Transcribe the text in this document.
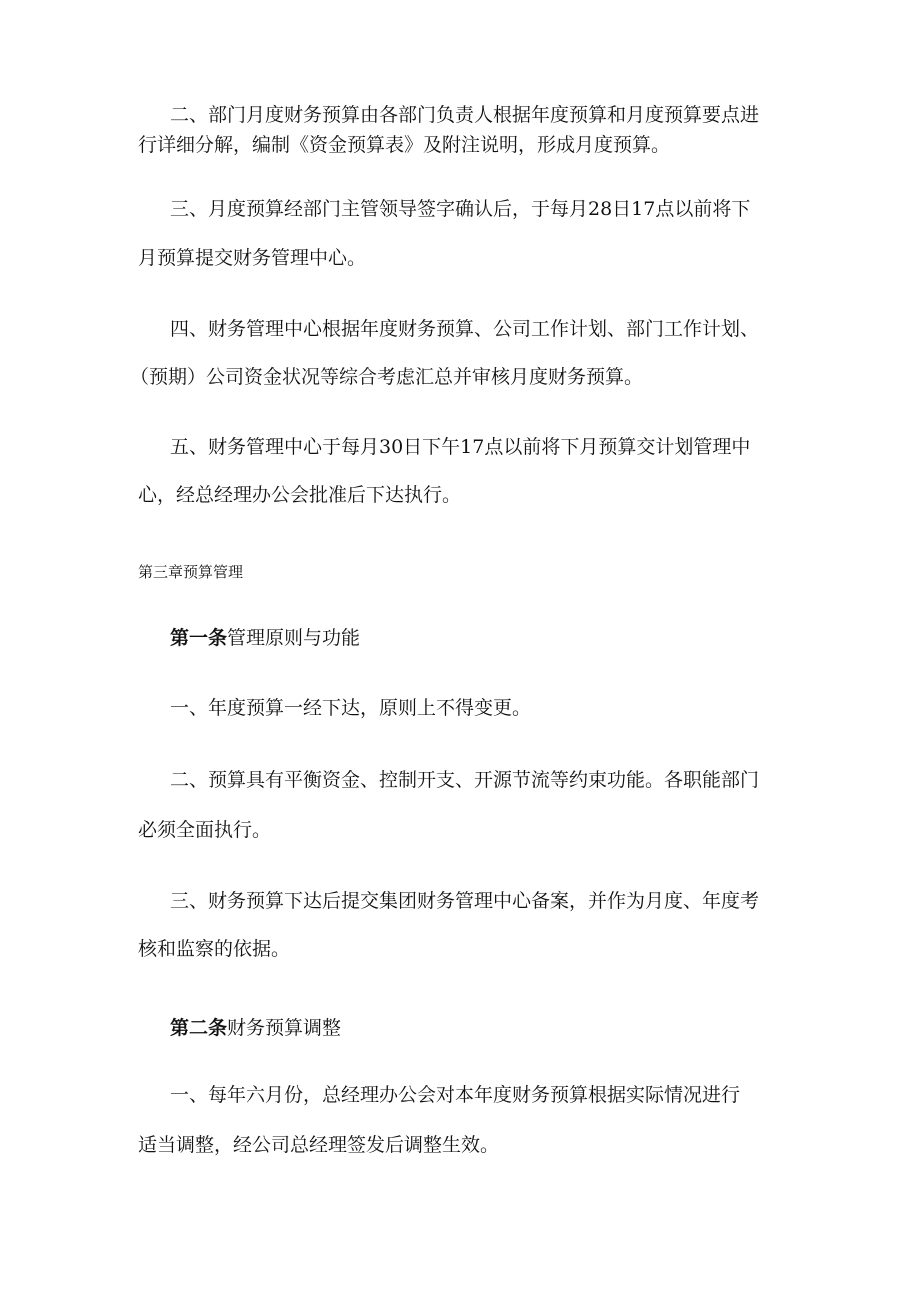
二、部门月度财务预算由各部门负责人根据年度预算和月度预算要点进

行详细分解，编制《资金预算表》及附注说明，形成月度预算。

三、月度预算经部门主管领导签字确认后，于每月28日17点以前将下

月预算提交财务管理中心。

四、财务管理中心根据年度财务预算、公司工作计划、部门工作计划、

（预期）公司资金状况等综合考虑汇总并审核月度财务预算。

五、财务管理中心于每月30日下午17点以前将下月预算交计划管理中

心，经总经理办公会批准后下达执行。

第三章预算管理

第一条管理原则与功能

一、年度预算一经下达，原则上不得变更。

二、预算具有平衡资金、控制开支、开源节流等约束功能。各职能部门

必须全面执行。

三、财务预算下达后提交集团财务管理中心备案，并作为月度、年度考

核和监察的依据。

第二条财务预算调整

一、每年六月份，总经理办公会对本年度财务预算根据实际情况进行

适当调整，经公司总经理签发后调整生效。
